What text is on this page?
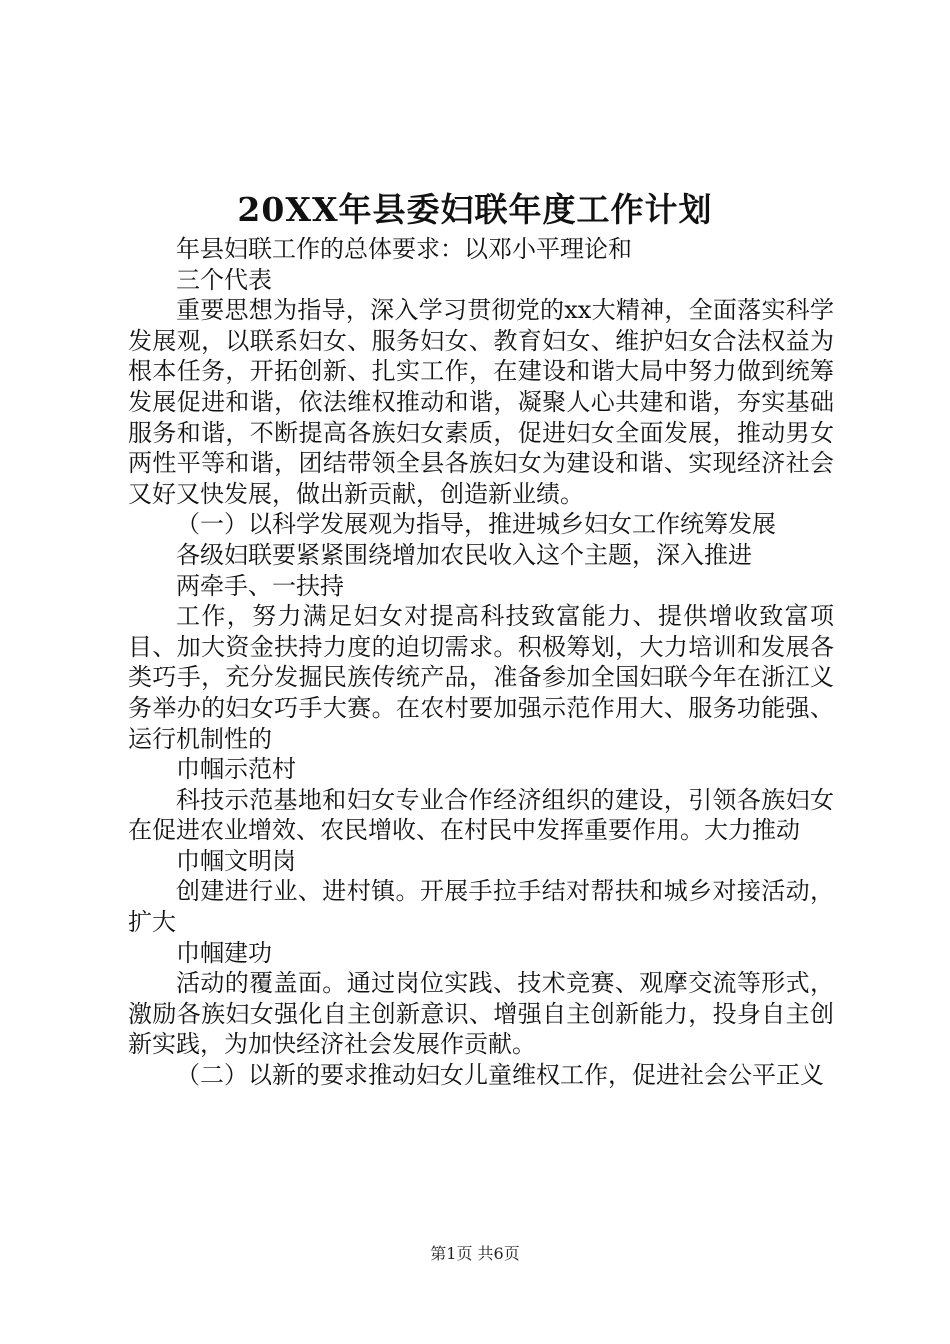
20XX年县委妇联年度工作计划

年县妇联工作的总体要求：以邓小平理论和

三个代表

重要思想为指导，深入学习贯彻党的xx大精神，全面落实科学发展观，以联系妇女、服务妇女、教育妇女、维护妇女合法权益为根本任务，开拓创新、扎实工作，在建设和谐大局中努力做到统筹发展促进和谐，依法维权推动和谐，凝聚人心共建和谐，夯实基础服务和谐，不断提高各族妇女素质，促进妇女全面发展，推动男女两性平等和谐，团结带领全县各族妇女为建设和谐、实现经济社会又好又快发展，做出新贡献，创造新业绩。

（一）以科学发展观为指导，推进城乡妇女工作统筹发展

各级妇联要紧紧围绕增加农民收入这个主题，深入推进

两牵手、一扶持

工作，努力满足妇女对提高科技致富能力、提供增收致富项目、加大资金扶持力度的迫切需求。积极筹划，大力培训和发展各类巧手，充分发掘民族传统产品，准备参加全国妇联今年在浙江义务举办的妇女巧手大赛。在农村要加强示范作用大、服务功能强、运行机制性的

巾帼示范村

科技示范基地和妇女专业合作经济组织的建设，引领各族妇女在促进农业增效、农民增收、在村民中发挥重要作用。大力推动

巾帼文明岗

创建进行业、进村镇。开展手拉手结对帮扶和城乡对接活动，扩大

巾帼建功

活动的覆盖面。通过岗位实践、技术竞赛、观摩交流等形式，激励各族妇女强化自主创新意识、增强自主创新能力，投身自主创新实践，为加快经济社会发展作贡献。

（二）以新的要求推动妇女儿童维权工作，促进社会公平正义

第1页 共6页
